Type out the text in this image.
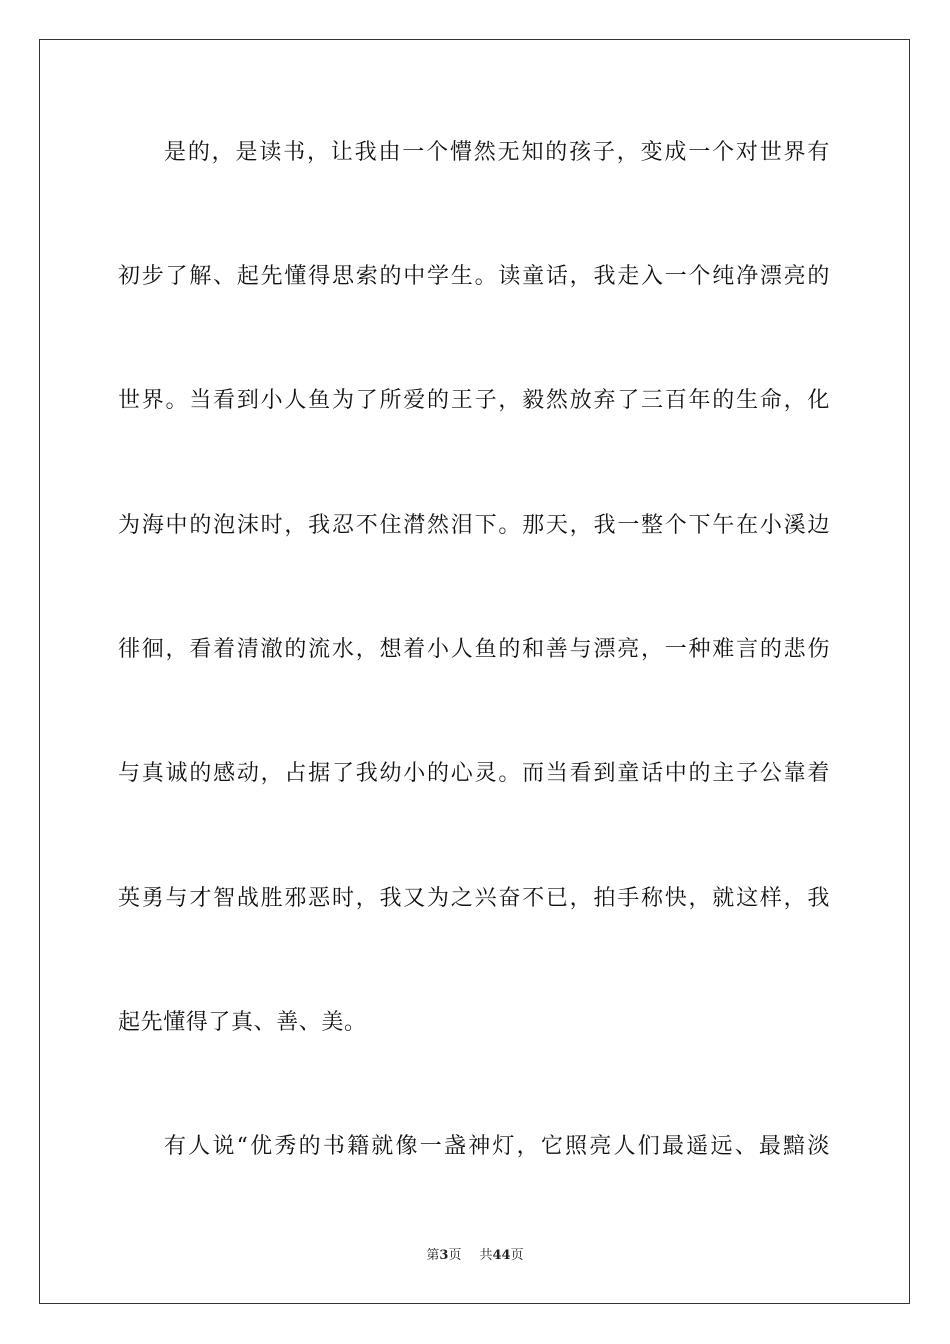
是的，是读书，让我由一个懵然无知的孩子，变成一个对世界有
初步了解、起先懂得思索的中学生。读童话，我走入一个纯净漂亮的
世界。当看到小人鱼为了所爱的王子，毅然放弃了三百年的生命，化
为海中的泡沫时，我忍不住潸然泪下。那天，我一整个下午在小溪边
徘徊，看着清澈的流水，想着小人鱼的和善与漂亮，一种难言的悲伤
与真诚的感动，占据了我幼小的心灵。而当看到童话中的主子公靠着
英勇与才智战胜邪恶时，我又为之兴奋不已，拍手称快，就这样，我
起先懂得了真、善、美。
有人说“优秀的书籍就像一盏神灯，它照亮人们最遥远、最黯淡
第3页 共44页
